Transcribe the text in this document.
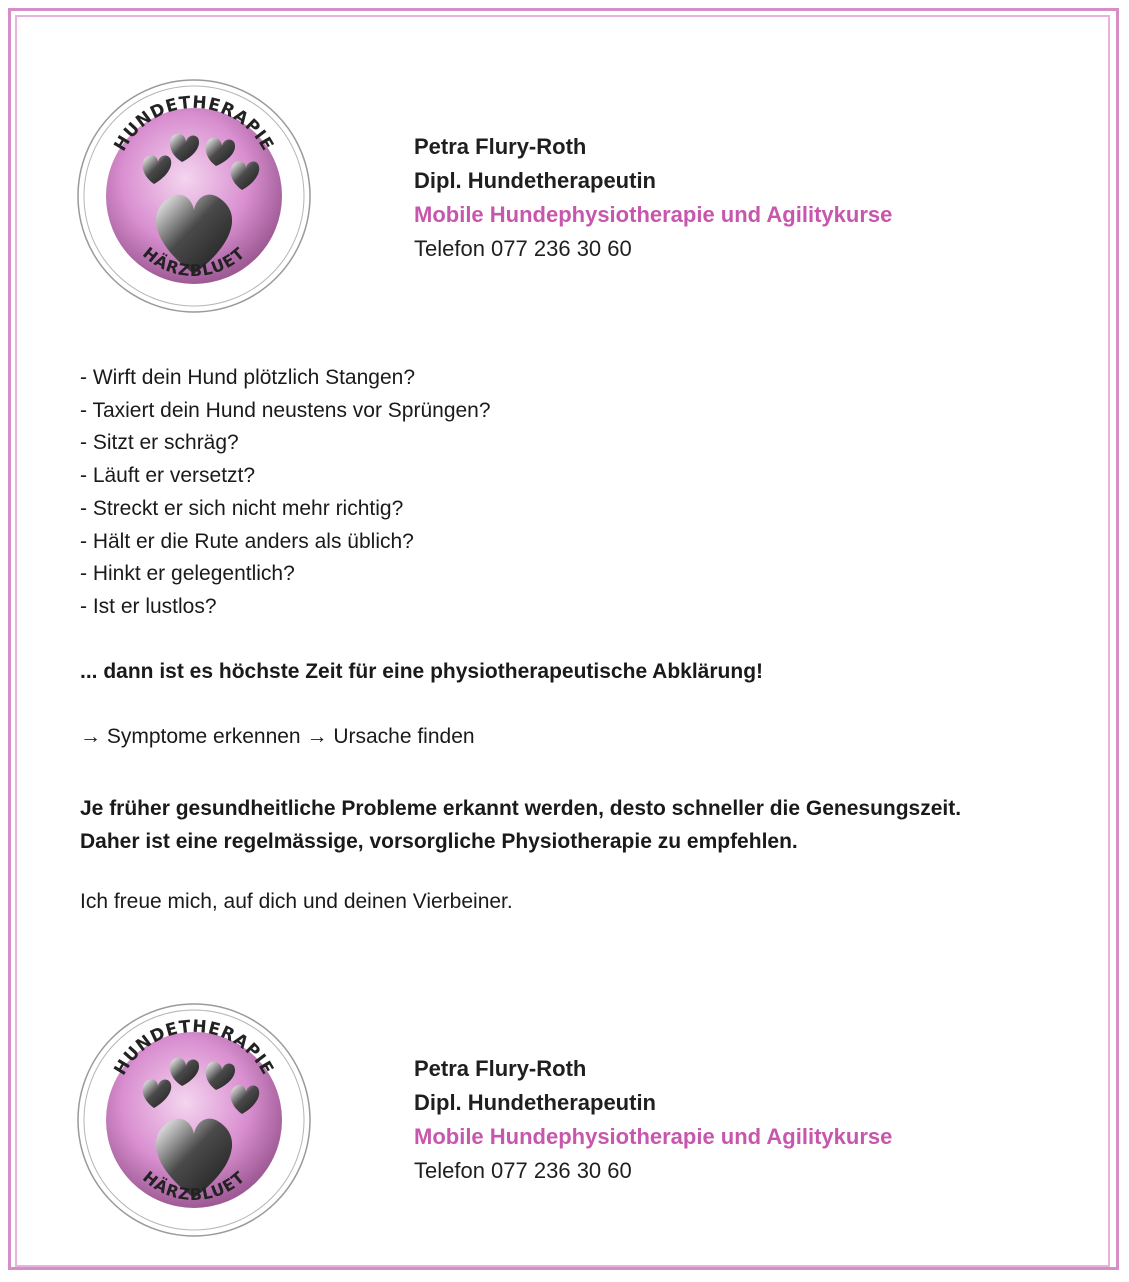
HUNDETHERAPIE
HÄRZBLUET
Petra Flury-Roth
Dipl. Hundetherapeutin
Mobile Hundephysiotherapie und Agilitykurse
Telefon 077 236 30 60
- Wirft dein Hund plötzlich Stangen?
- Taxiert dein Hund neustens vor Sprüngen?
- Sitzt er schräg?
- Läuft er versetzt?
- Streckt er sich nicht mehr richtig?
- Hält er die Rute anders als üblich?
- Hinkt er gelegentlich?
- Ist er lustlos?
... dann ist es höchste Zeit für eine physiotherapeutische Abklärung!
→ Symptome erkennen → Ursache finden
Je früher gesundheitliche Probleme erkannt werden, desto schneller die Genesungszeit.
Daher ist eine regelmässige, vorsorgliche Physiotherapie zu empfehlen.
Ich freue mich, auf dich und deinen Vierbeiner.
HUNDETHERAPIE
HÄRZBLUET
Petra Flury-Roth
Dipl. Hundetherapeutin
Mobile Hundephysiotherapie und Agilitykurse
Telefon 077 236 30 60
